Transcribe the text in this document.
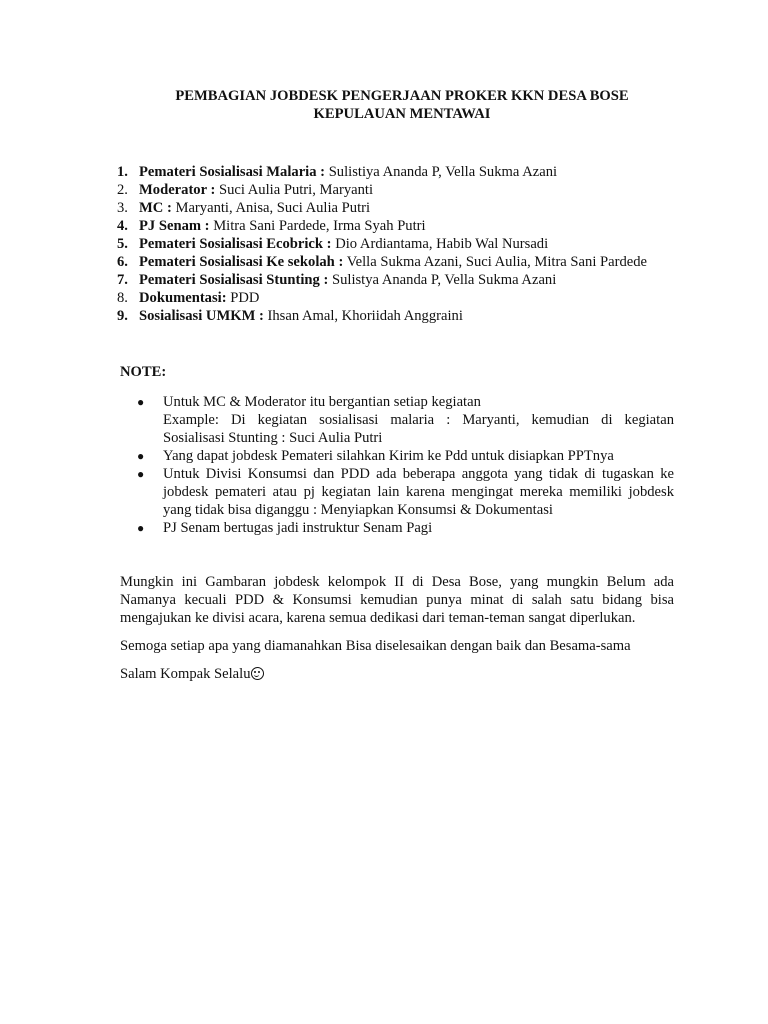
PEMBAGIAN JOBDESK PENGERJAAN PROKER KKN DESA BOSE
KEPULAUAN MENTAWAI
1. Pemateri Sosialisasi Malaria : Sulistiya Ananda P, Vella Sukma Azani
2. Moderator : Suci Aulia Putri, Maryanti
3. MC : Maryanti, Anisa, Suci Aulia Putri
4. PJ Senam : Mitra Sani Pardede, Irma Syah Putri
5. Pemateri Sosialisasi Ecobrick : Dio Ardiantama, Habib Wal Nursadi
6. Pemateri Sosialisasi Ke sekolah : Vella Sukma Azani, Suci Aulia, Mitra Sani Pardede
7. Pemateri Sosialisasi Stunting : Sulistya Ananda P, Vella Sukma Azani
8. Dokumentasi: PDD
9. Sosialisasi UMKM : Ihsan Amal, Khoriidah Anggraini
NOTE:
● Untuk MC & Moderator itu bergantian setiap kegiatan
Example: Di kegiatan sosialisasi malaria : Maryanti, kemudian di kegiatan
Sosialisasi Stunting : Suci Aulia Putri
● Yang dapat jobdesk Pemateri silahkan Kirim ke Pdd untuk disiapkan PPTnya
● Untuk Divisi Konsumsi dan PDD ada beberapa anggota yang tidak di tugaskan ke jobdesk pemateri atau pj kegiatan lain karena mengingat mereka memiliki jobdesk yang tidak bisa diganggu : Menyiapkan Konsumsi & Dokumentasi
● PJ Senam bertugas jadi instruktur Senam Pagi
Mungkin ini Gambaran jobdesk kelompok II di Desa Bose, yang mungkin Belum ada Namanya kecuali PDD & Konsumsi kemudian punya minat di salah satu bidang bisa mengajukan ke divisi acara, karena semua dedikasi dari teman-teman sangat diperlukan.
Semoga setiap apa yang diamanahkan Bisa diselesaikan dengan baik dan Besama-sama
Salam Kompak Selalu
